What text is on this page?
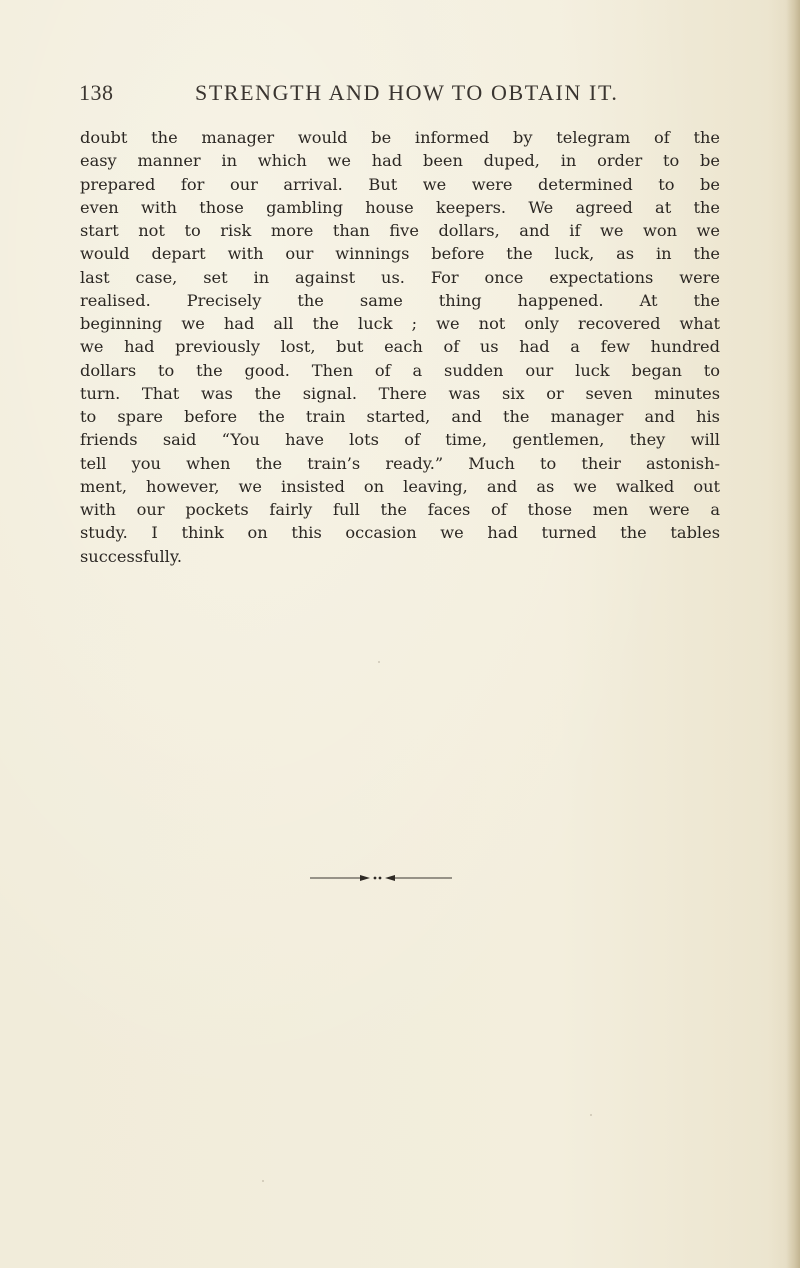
138	STRENGTH AND HOW TO OBTAIN IT.
doubt the manager would be informed by telegram of the
easy manner in which we had been duped, in order to be
prepared for our arrival. But we were determined to be
even with those gambling house keepers. We agreed at the
start not to risk more than five dollars, and if we won we
would depart with our winnings before the luck, as in the
last case, set in against us. For once expectations were
realised. Precisely the same thing happened. At the
beginning we had all the luck ; we not only recovered what
we had previously lost, but each of us had a few hundred
dollars to the good. Then of a sudden our luck began to
turn. That was the signal. There was six or seven minutes
to spare before the train started, and the manager and his
friends said “You have lots of time, gentlemen, they will
tell you when the train’s ready.” Much to their astonish-
ment, however, we insisted on leaving, and as we walked out
with our pockets fairly full the faces of those men were a
study. I think on this occasion we had turned the tables
successfully.
